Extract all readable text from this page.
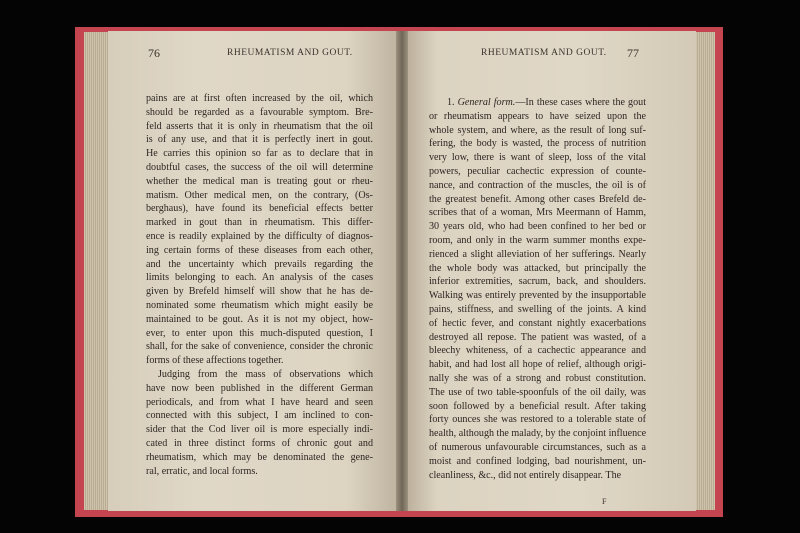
76	RHEUMATISM AND GOUT.	RHEUMATISM AND GOUT. 77
pains are at first often increased by the oil, which
should be regarded as a favourable symptom. Bre-
feld asserts that it is only in rheumatism that the oil
is of any use, and that it is perfectly inert in gout.
He carries this opinion so far as to declare that in
doubtful cases, the success of the oil will determine
whether the medical man is treating gout or rheu-
matism. Other medical men, on the contrary, (Os-
berghaus), have found its beneficial effects better
marked in gout than in rheumatism. This differ-
ence is readily explained by the difficulty of diagnos-
ing certain forms of these diseases from each other,
and the uncertainty which prevails regarding the
limits belonging to each. An analysis of the cases
given by Brefeld himself will show that he has de-
nominated some rheumatism which might easily be
maintained to be gout. As it is not my object, how-
ever, to enter upon this much-disputed question, I
shall, for the sake of convenience, consider the chronic
forms of these affections together.
Judging from the mass of observations which
have now been published in the different German
periodicals, and from what I have heard and seen
connected with this subject, I am inclined to con-
sider that the Cod liver oil is more especially indi-
cated in three distinct forms of chronic gout and
rheumatism, which may be denominated the gene-
ral, erratic, and local forms.
1. General form.—In these cases where the gout
or rheumatism appears to have seized upon the
whole system, and where, as the result of long suf-
fering, the body is wasted, the process of nutrition
very low, there is want of sleep, loss of the vital
powers, peculiar cachectic expression of counte-
nance, and contraction of the muscles, the oil is of
the greatest benefit. Among other cases Brefeld de-
scribes that of a woman, Mrs Meermann of Hamm,
30 years old, who had been confined to her bed or
room, and only in the warm summer months expe-
rienced a slight alleviation of her sufferings. Nearly
the whole body was attacked, but principally the
inferior extremities, sacrum, back, and shoulders.
Walking was entirely prevented by the insupportable
pains, stiffness, and swelling of the joints. A kind
of hectic fever, and constant nightly exacerbations
destroyed all repose. The patient was wasted, of a
bleechy whiteness, of a cachectic appearance and
habit, and had lost all hope of relief, although origi-
nally she was of a strong and robust constitution.
The use of two table-spoonfuls of the oil daily, was
soon followed by a beneficial result. After taking
forty ounces she was restored to a tolerable state of
health, although the malady, by the conjoint influence
of numerous unfavourable circumstances, such as a
moist and confined lodging, bad nourishment, un-
cleanliness, &c., did not entirely disappear. The
F
